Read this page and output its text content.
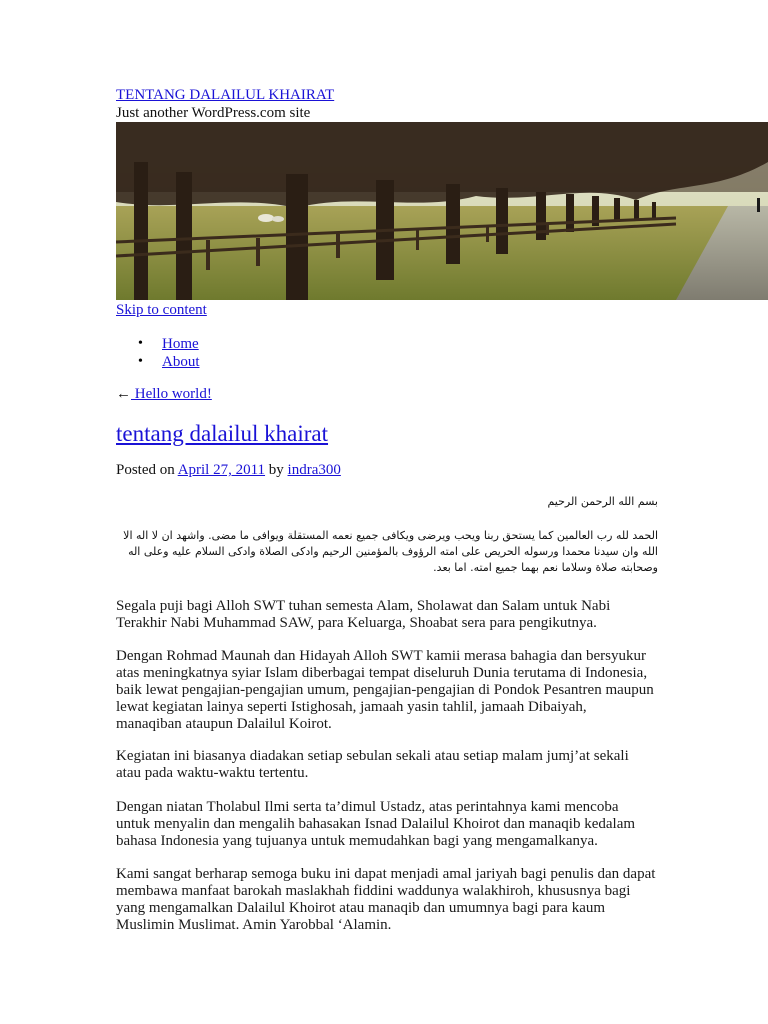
TENTANG DALAILUL KHAIRAT
Just another WordPress.com site
Skip to content
• Home
• About
← Hello world!
tentang dalailul khairat
Posted on April 27, 2011 by indra300
بسم الله الرحمن الرحيم
الحمد لله رب العالمين كما يستحق ربنا ويحب ويرضى ويكافى جميع نعمه المستقلة ويوافى ما مضى. واشهد ان لا اله الا الله وان سيدنا محمدا ورسوله الحريص على امته الرؤوف بالمؤمنين الرحيم وادكى الصلاة وادكى السلام عليه وعلى اله وصحابته صلاة وسلاما نعم بهما جميع امته. اما بعد.

Segala puji bagi Alloh SWT tuhan semesta Alam, Sholawat dan Salam untuk Nabi Terakhir Nabi Muhammad SAW, para Keluarga, Shoabat sera para pengikutnya.

Dengan Rohmad Maunah dan Hidayah Alloh SWT kamii merasa bahagia dan bersyukur atas meningkatnya syiar Islam diberbagai tempat diseluruh Dunia terutama di Indonesia, baik lewat pengajian-pengajian umum, pengajian-pengajian di Pondok Pesantren maupun lewat kegiatan lainya seperti Istighosah, jamaah yasin tahlil, jamaah Dibaiyah, manaqiban ataupun Dalailul Koirot.

Kegiatan ini biasanya diadakan setiap sebulan sekali atau setiap malam jumj’at sekali atau pada waktu-waktu tertentu.

Dengan niatan Tholabul Ilmi serta ta’dimul Ustadz, atas perintahnya kami mencoba untuk menyalin dan mengalih bahasakan Isnad Dalailul Khoirot dan manaqib kedalam bahasa Indonesia yang tujuanya untuk memudahkan bagi yang mengamalkanya.

Kami sangat berharap semoga buku ini dapat menjadi amal jariyah bagi penulis dan dapat membawa manfaat barokah maslakhah fiddini waddunya walakhiroh, khususnya bagi yang mengamalkan Dalailul Khoirot atau manaqib dan umumnya bagi para kaum Muslimin Muslimat. Amin Yarobbal ‘Alamin.
